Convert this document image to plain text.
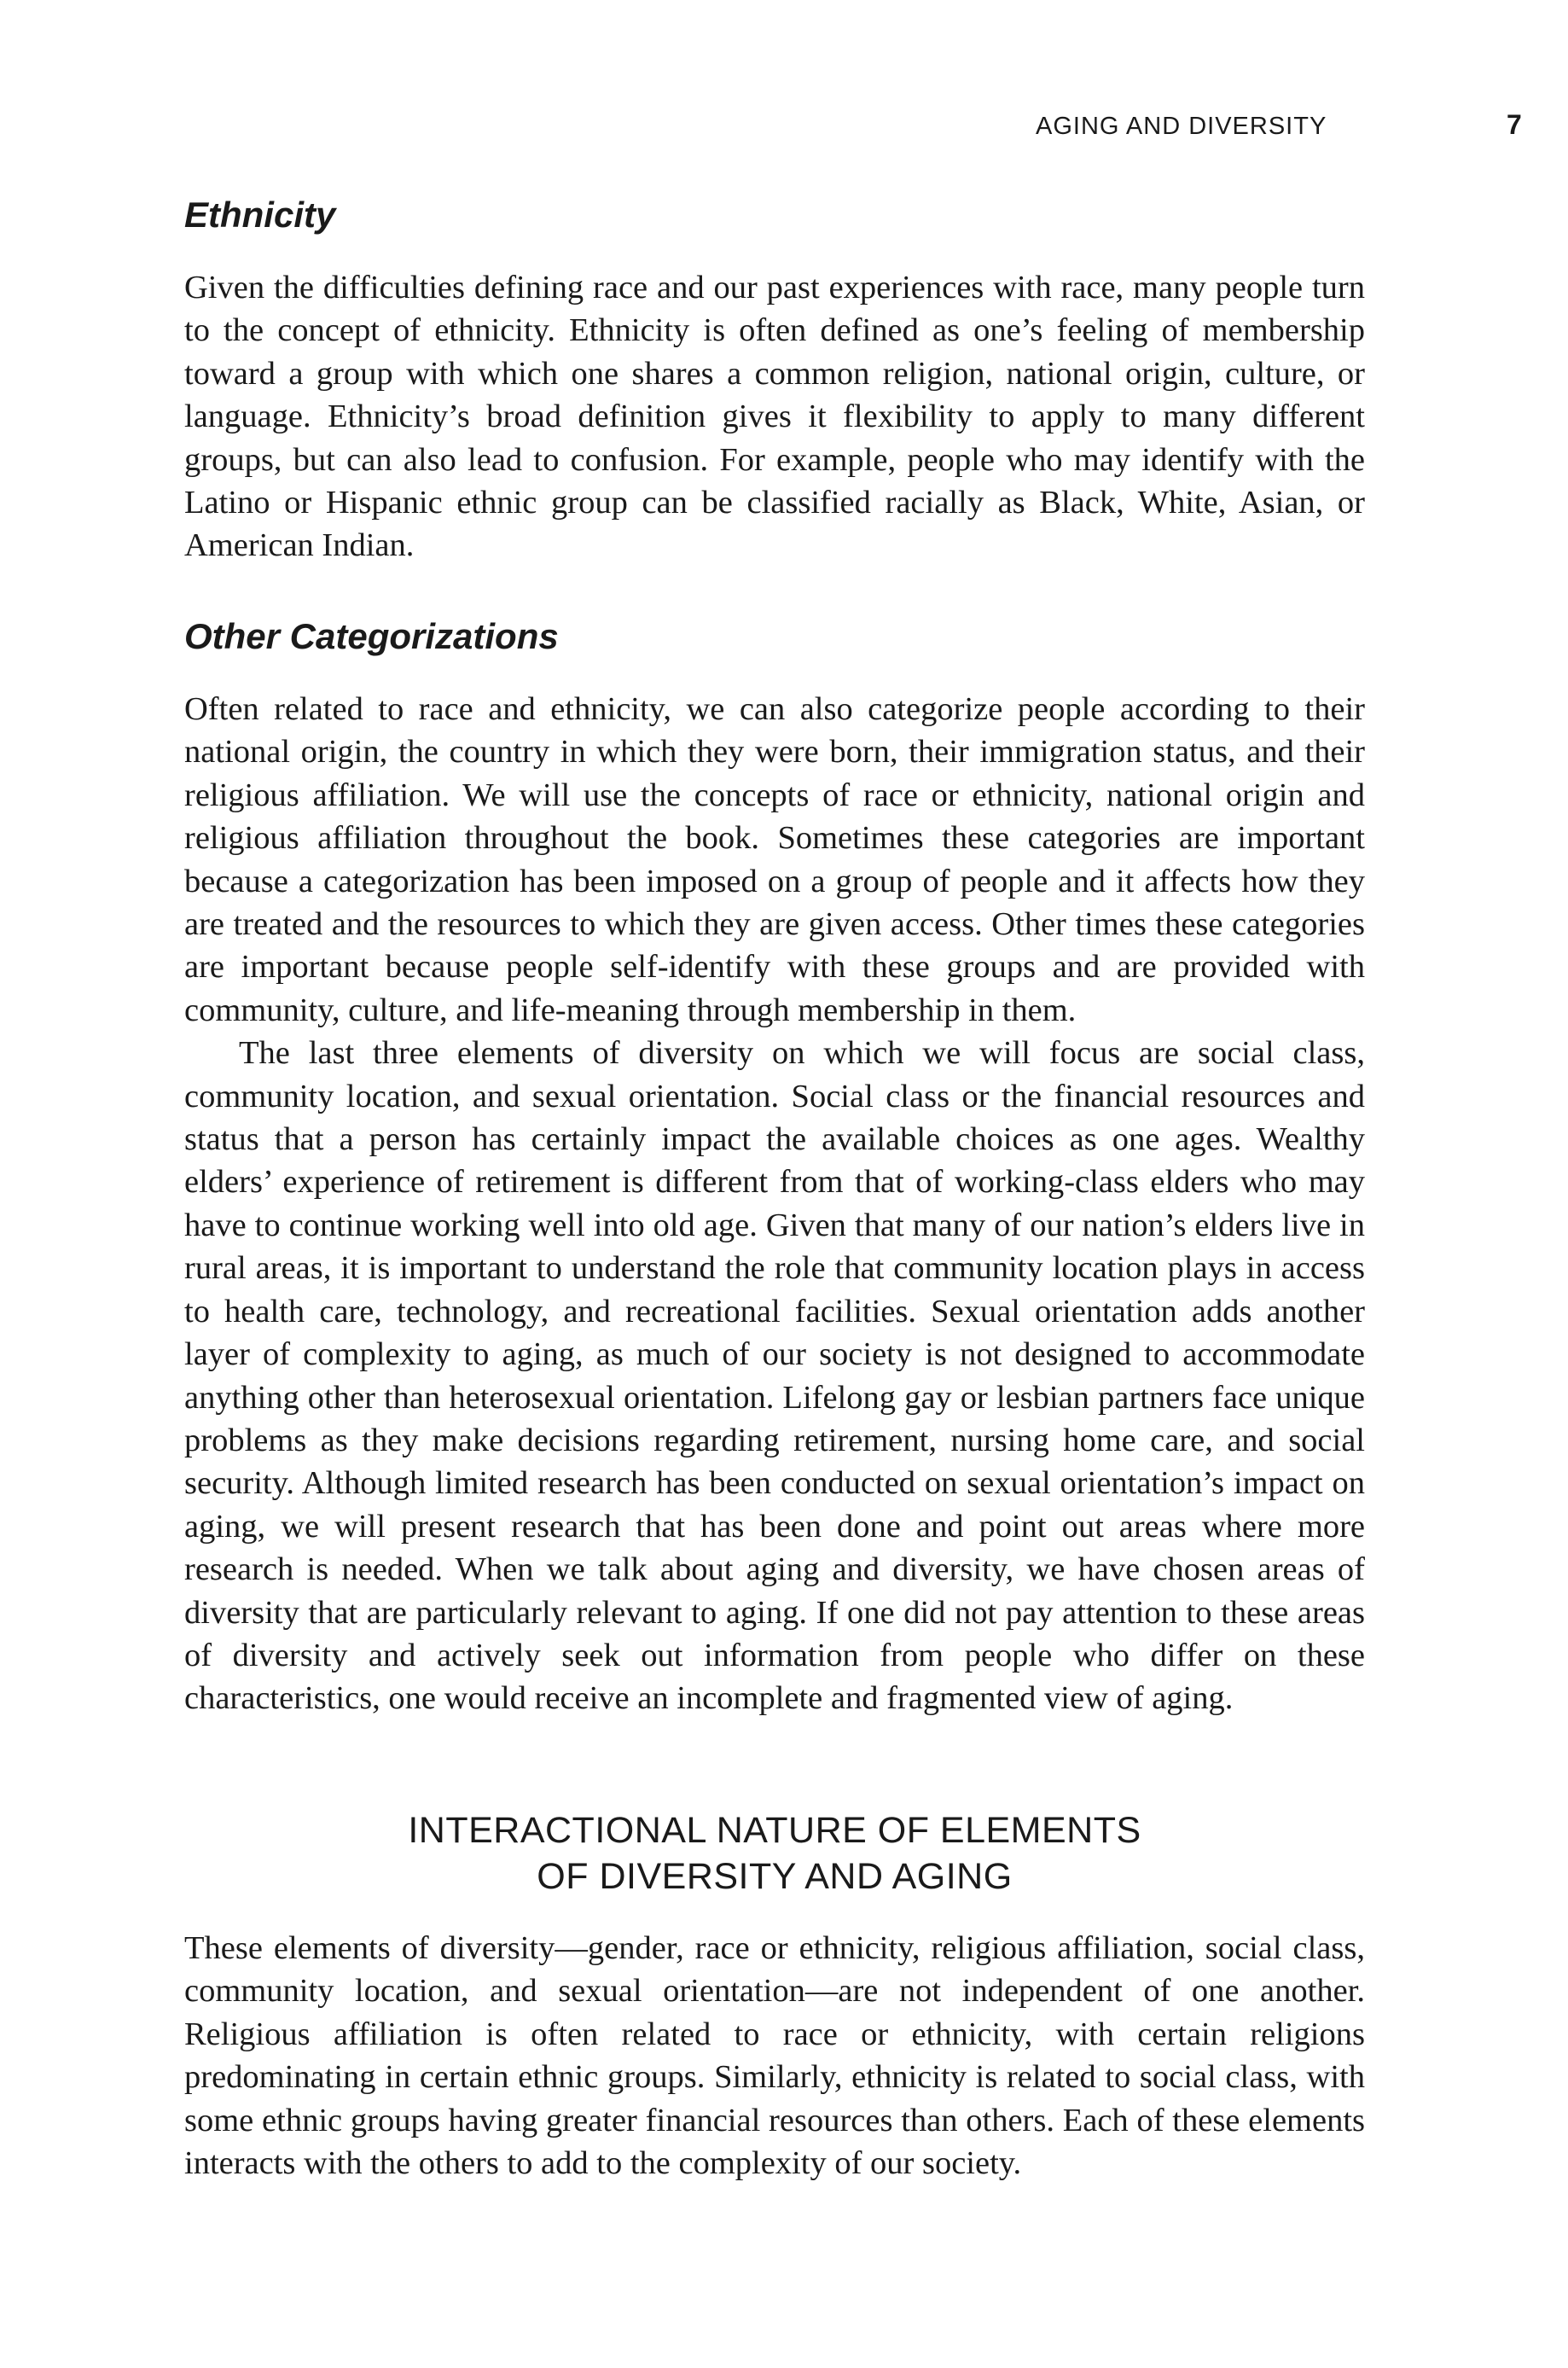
AGING AND DIVERSITY	7
Ethnicity

Given the difficulties defining race and our past experiences with race, many people turn to the concept of ethnicity. Ethnicity is often defined as one’s feeling of membership toward a group with which one shares a common religion, national origin, culture, or language. Ethnicity’s broad definition gives it flexibility to apply to many different groups, but can also lead to confusion. For example, people who may identify with the Latino or Hispanic ethnic group can be classified racially as Black, White, Asian, or American Indian.

Other Categorizations

Often related to race and ethnicity, we can also categorize people according to their national origin, the country in which they were born, their immigration status, and their religious affiliation. We will use the concepts of race or ethnicity, national origin and religious affiliation throughout the book. Sometimes these categories are important because a categorization has been imposed on a group of people and it affects how they are treated and the resources to which they are given access. Other times these categories are important because people self-identify with these groups and are provided with community, culture, and life-meaning through membership in them.

The last three elements of diversity on which we will focus are social class, community location, and sexual orientation. Social class or the financial resources and status that a person has certainly impact the available choices as one ages. Wealthy elders’ experience of retirement is different from that of working-class elders who may have to continue working well into old age. Given that many of our nation’s elders live in rural areas, it is important to understand the role that community location plays in access to health care, technology, and recreational facilities. Sexual orientation adds another layer of complexity to aging, as much of our society is not designed to accommodate anything other than heterosexual orientation. Lifelong gay or lesbian partners face unique problems as they make decisions regarding retirement, nursing home care, and social security. Although limited research has been conducted on sexual orientation’s impact on aging, we will present research that has been done and point out areas where more research is needed. When we talk about aging and diversity, we have chosen areas of diversity that are particularly relevant to aging. If one did not pay attention to these areas of diversity and actively seek out information from people who differ on these characteristics, one would receive an incomplete and fragmented view of aging.

INTERACTIONAL NATURE OF ELEMENTS

OF DIVERSITY AND AGING

These elements of diversity—gender, race or ethnicity, religious affiliation, social class, community location, and sexual orientation—are not independent of one another. Religious affiliation is often related to race or ethnicity, with certain religions predominating in certain ethnic groups. Similarly, ethnicity is related to social class, with some ethnic groups having greater financial resources than others. Each of these elements interacts with the others to add to the complexity of our society.
